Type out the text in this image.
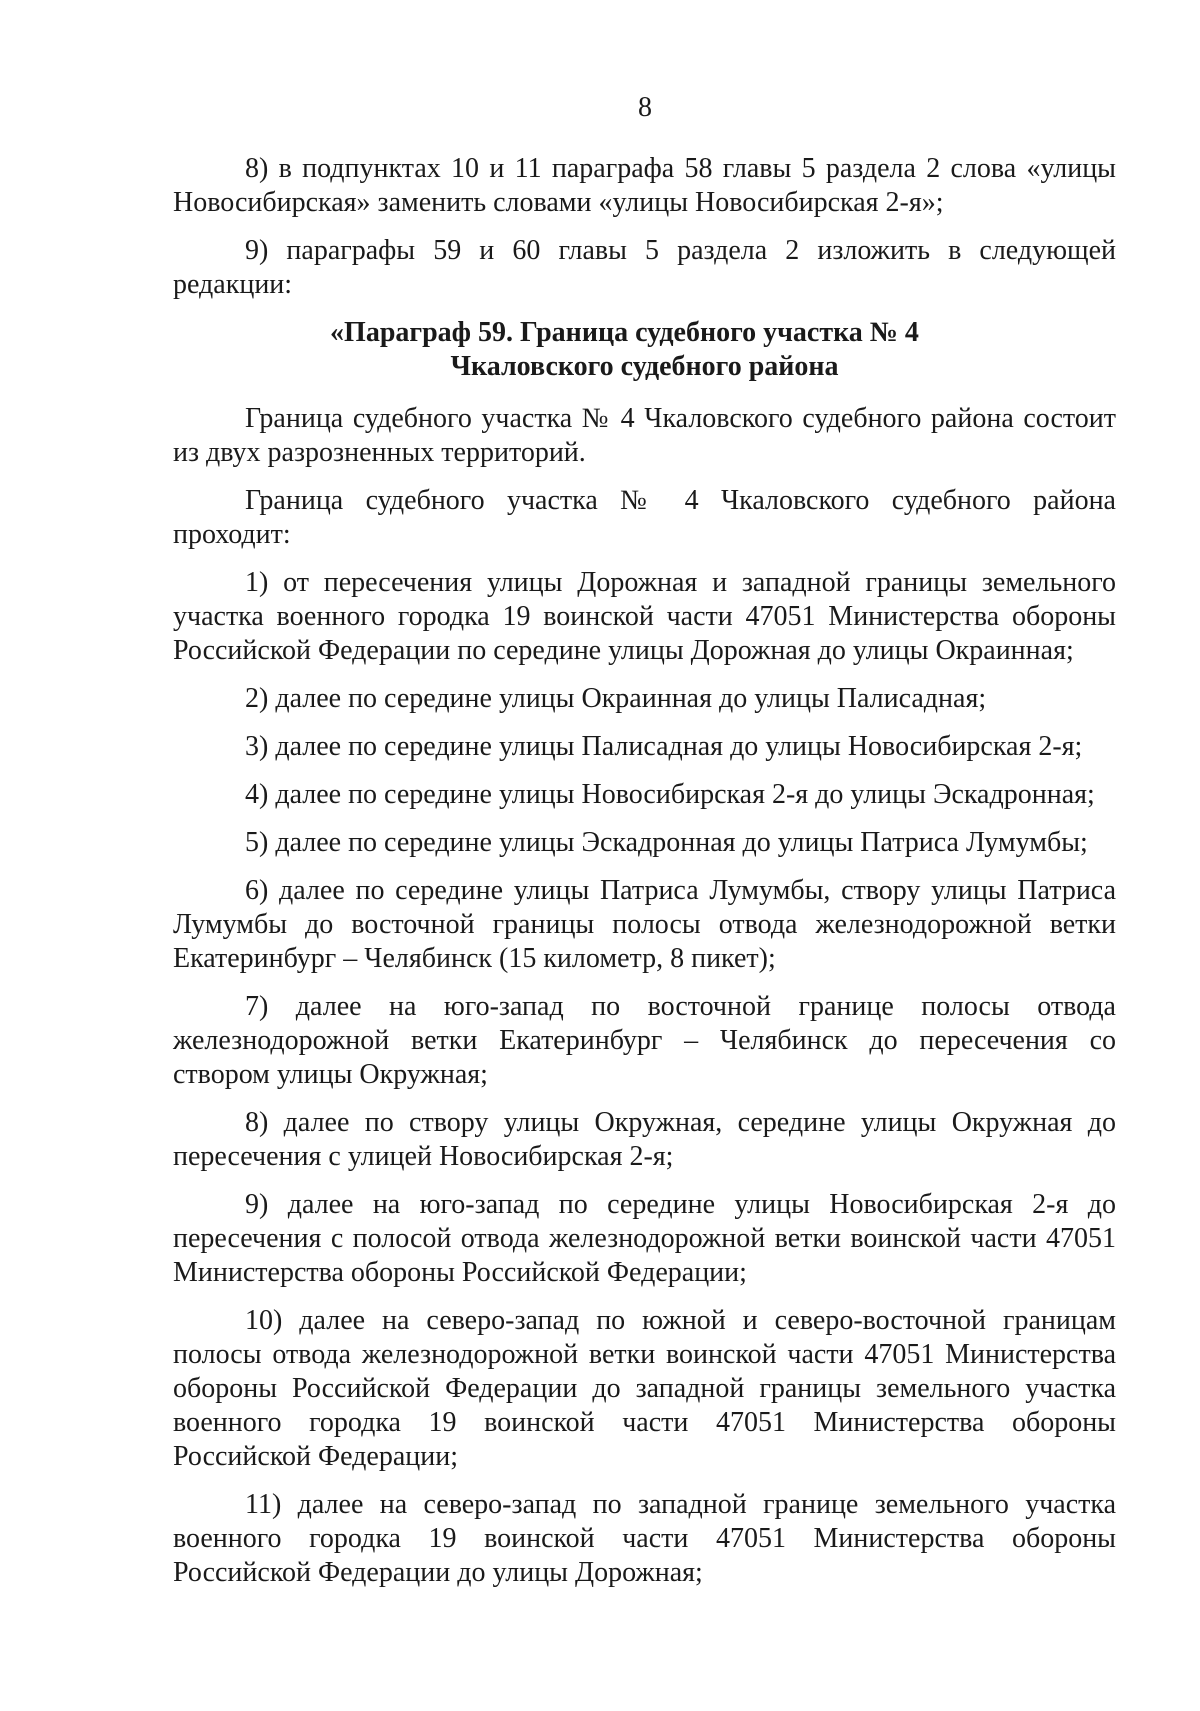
8

8) в подпунктах 10 и 11 параграфа 58 главы 5 раздела 2 слова «улицы Новосибирская» заменить словами «улицы Новосибирская 2-я»;

9) параграфы 59 и 60 главы 5 раздела 2 изложить в следующей редакции:

«Параграф 59. Граница судебного участка № 4
Чкаловского судебного района

Граница судебного участка № 4 Чкаловского судебного района состоит из двух разрозненных территорий.

Граница судебного участка № 4 Чкаловского судебного района проходит:

1) от пересечения улицы Дорожная и западной границы земельного участка военного городка 19 воинской части 47051 Министерства обороны Российской Федерации по середине улицы Дорожная до улицы Окраинная;

2) далее по середине улицы Окраинная до улицы Палисадная;

3) далее по середине улицы Палисадная до улицы Новосибирская 2-я;

4) далее по середине улицы Новосибирская 2-я до улицы Эскадронная;

5) далее по середине улицы Эскадронная до улицы Патриса Лумумбы;

6) далее по середине улицы Патриса Лумумбы, створу улицы Патриса Лумумбы до восточной границы полосы отвода железнодорожной ветки Екатеринбург – Челябинск (15 километр, 8 пикет);

7) далее на юго-запад по восточной границе полосы отвода железнодорожной ветки Екатеринбург – Челябинск до пересечения со створом улицы Окружная;

8) далее по створу улицы Окружная, середине улицы Окружная до пересечения с улицей Новосибирская 2-я;

9) далее на юго-запад по середине улицы Новосибирская 2-я до пересечения с полосой отвода железнодорожной ветки воинской части 47051 Министерства обороны Российской Федерации;

10) далее на северо-запад по южной и северо-восточной границам полосы отвода железнодорожной ветки воинской части 47051 Министерства обороны Российской Федерации до западной границы земельного участка военного городка 19 воинской части 47051 Министерства обороны Российской Федерации;

11) далее на северо-запад по западной границе земельного участка военного городка 19 воинской части 47051 Министерства обороны Российской Федерации до улицы Дорожная;
